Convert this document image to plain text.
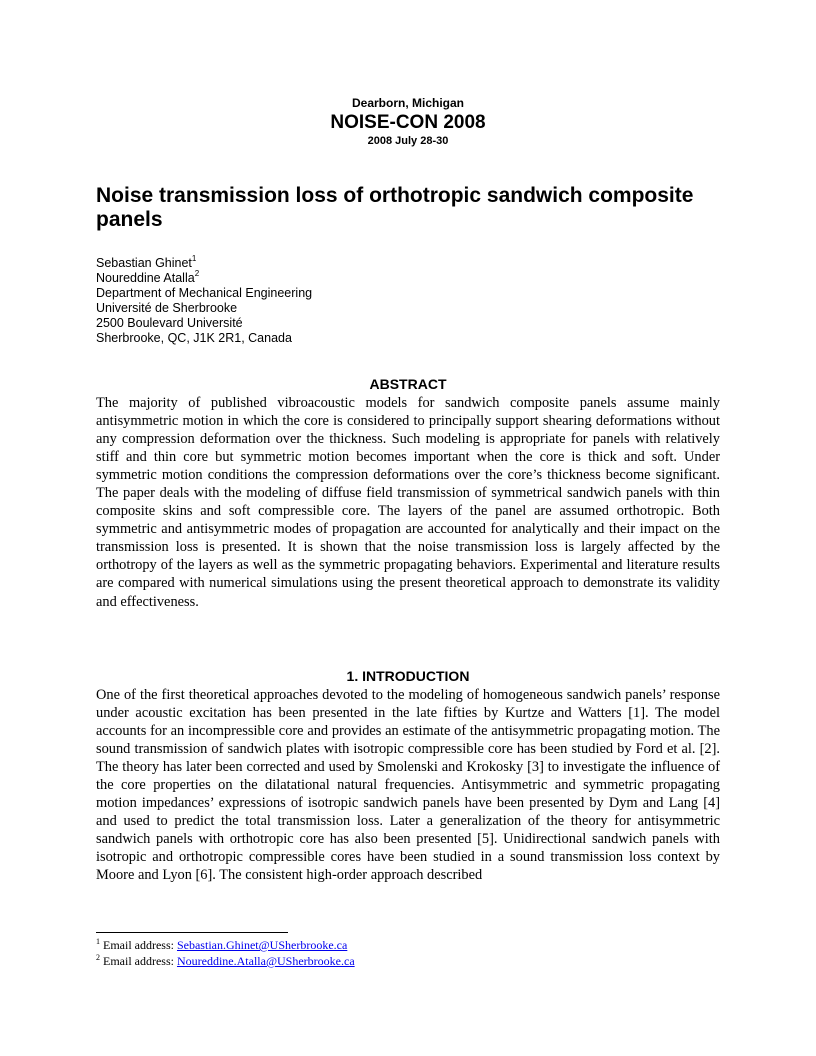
Dearborn, Michigan
NOISE-CON 2008
2008 July 28-30
Noise transmission loss of orthotropic sandwich composite panels
Sebastian Ghinet$^1$
Noureddine Atalla$^2$
Department of Mechanical Engineering
Université de Sherbrooke
2500 Boulevard Université
Sherbrooke, QC, J1K 2R1, Canada
ABSTRACT
The majority of published vibroacoustic models for sandwich composite panels assume mainly antisymmetric motion in which the core is considered to principally support shearing deformations without any compression deformation over the thickness. Such modeling is appropriate for panels with relatively stiff and thin core but symmetric motion becomes important when the core is thick and soft. Under symmetric motion conditions the compression deformations over the core’s thickness become significant. The paper deals with the modeling of diffuse field transmission of symmetrical sandwich panels with thin composite skins and soft compressible core. The layers of the panel are assumed orthotropic. Both symmetric and antisymmetric modes of propagation are accounted for analytically and their impact on the transmission loss is presented. It is shown that the noise transmission loss is largely affected by the orthotropy of the layers as well as the symmetric propagating behaviors. Experimental and literature results are compared with numerical simulations using the present theoretical approach to demonstrate its validity and effectiveness.
1. INTRODUCTION
One of the first theoretical approaches devoted to the modeling of homogeneous sandwich panels’ response under acoustic excitation has been presented in the late fifties by Kurtze and Watters [1]. The model accounts for an incompressible core and provides an estimate of the antisymmetric propagating motion. The sound transmission of sandwich plates with isotropic compressible core has been studied by Ford et al. [2]. The theory has later been corrected and used by Smolenski and Krokosky [3] to investigate the influence of the core properties on the dilatational natural frequencies. Antisymmetric and symmetric propagating motion impedances’ expressions of isotropic sandwich panels have been presented by Dym and Lang [4] and used to predict the total transmission loss. Later a generalization of the theory for antisymmetric sandwich panels with orthotropic core has also been presented [5]. Unidirectional sandwich panels with isotropic and orthotropic compressible cores have been studied in a sound transmission loss context by Moore and Lyon [6]. The consistent high-order approach described
$^1$ Email address: Sebastian.Ghinet@USherbrooke.ca
$^2$ Email address: Noureddine.Atalla@USherbrooke.ca
